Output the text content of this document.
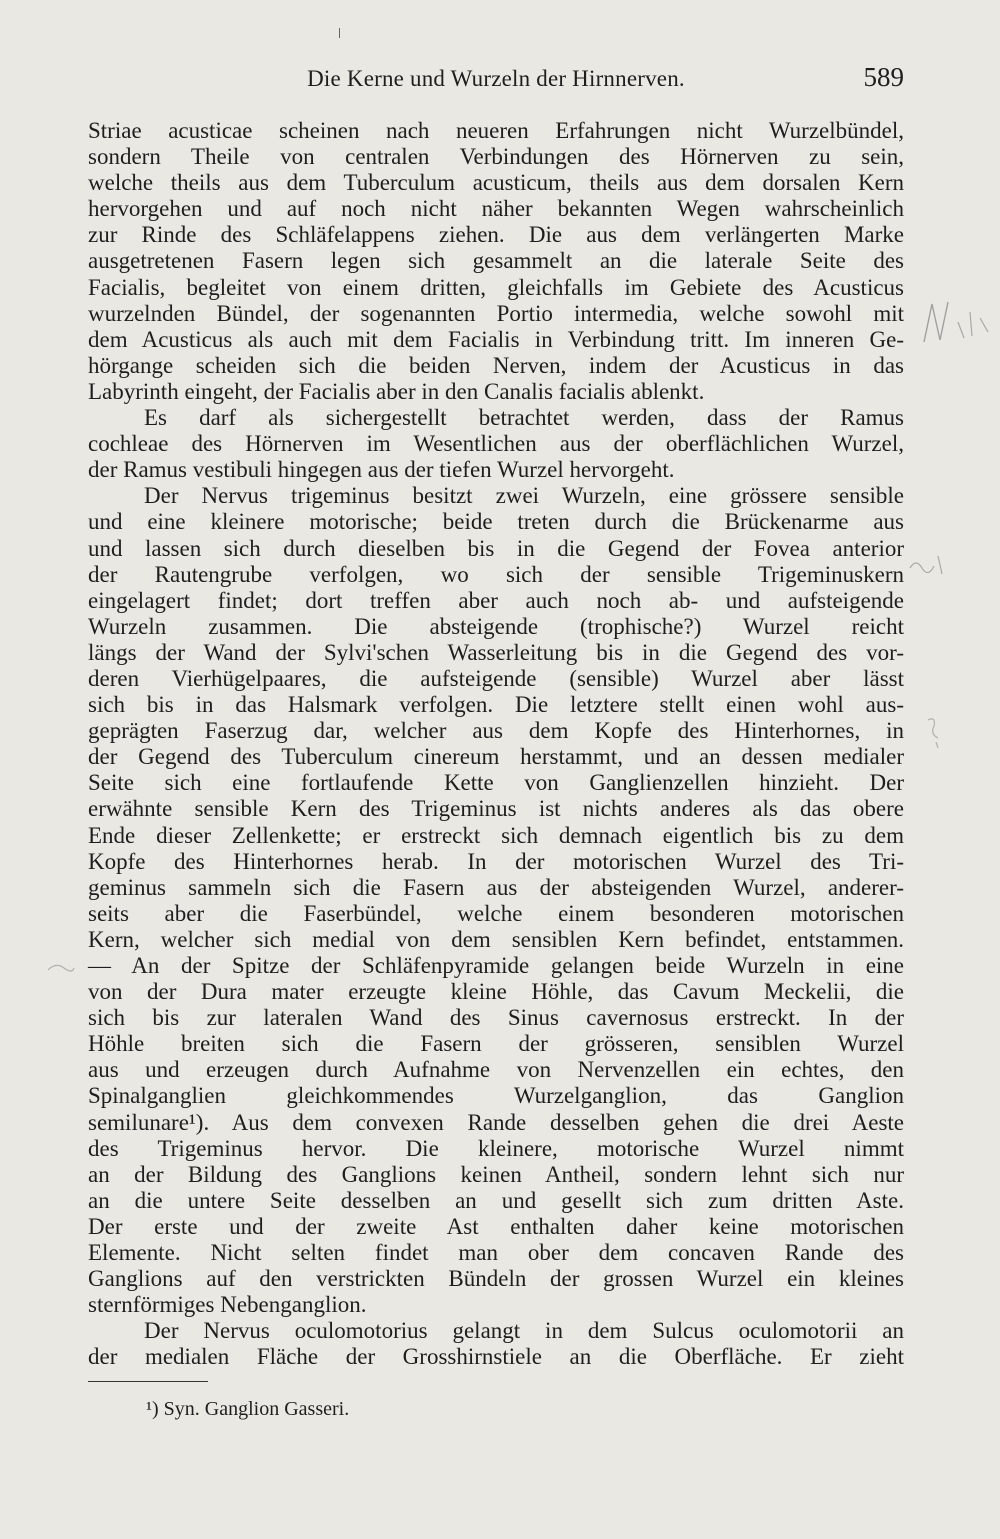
Die Kerne und Wurzeln der Hirnnerven.	589
Striae acusticae scheinen nach neueren Erfahrungen nicht Wurzelbündel,
sondern Theile von centralen Verbindungen des Hörnerven zu sein,
welche theils aus dem Tuberculum acusticum, theils aus dem dorsalen Kern
hervorgehen und auf noch nicht näher bekannten Wegen wahrscheinlich
zur Rinde des Schläfelappens ziehen. Die aus dem verlängerten Marke
ausgetretenen Fasern legen sich gesammelt an die laterale Seite des
Facialis, begleitet von einem dritten, gleichfalls im Gebiete des Acusticus
wurzelnden Bündel, der sogenannten Portio intermedia, welche sowohl mit
dem Acusticus als auch mit dem Facialis in Verbindung tritt. Im inneren Ge-
hörgange scheiden sich die beiden Nerven, indem der Acusticus in das
Labyrinth eingeht, der Facialis aber in den Canalis facialis ablenkt.
Es darf als sichergestellt betrachtet werden, dass der Ramus
cochleae des Hörnerven im Wesentlichen aus der oberflächlichen Wurzel,
der Ramus vestibuli hingegen aus der tiefen Wurzel hervorgeht.
Der Nervus trigeminus besitzt zwei Wurzeln, eine grössere sensible
und eine kleinere motorische; beide treten durch die Brückenarme aus
und lassen sich durch dieselben bis in die Gegend der Fovea anterior
der Rautengrube verfolgen, wo sich der sensible Trigeminuskern
eingelagert findet; dort treffen aber auch noch ab- und aufsteigende
Wurzeln zusammen. Die absteigende (trophische?) Wurzel reicht
längs der Wand der Sylvi'schen Wasserleitung bis in die Gegend des vor-
deren Vierhügelpaares, die aufsteigende (sensible) Wurzel aber lässt
sich bis in das Halsmark verfolgen. Die letztere stellt einen wohl aus-
geprägten Faserzug dar, welcher aus dem Kopfe des Hinterhornes, in
der Gegend des Tuberculum cinereum herstammt, und an dessen medialer
Seite sich eine fortlaufende Kette von Ganglienzellen hinzieht. Der
erwähnte sensible Kern des Trigeminus ist nichts anderes als das obere
Ende dieser Zellenkette; er erstreckt sich demnach eigentlich bis zu dem
Kopfe des Hinterhornes herab. In der motorischen Wurzel des Tri-
geminus sammeln sich die Fasern aus der absteigenden Wurzel, anderer-
seits aber die Faserbündel, welche einem besonderen motorischen
Kern, welcher sich medial von dem sensiblen Kern befindet, entstammen.
— An der Spitze der Schläfenpyramide gelangen beide Wurzeln in eine
von der Dura mater erzeugte kleine Höhle, das Cavum Meckelii, die
sich bis zur lateralen Wand des Sinus cavernosus erstreckt. In der
Höhle breiten sich die Fasern der grösseren, sensiblen Wurzel
aus und erzeugen durch Aufnahme von Nervenzellen ein echtes, den
Spinalganglien gleichkommendes Wurzelganglion, das Ganglion
semilunare¹). Aus dem convexen Rande desselben gehen die drei Aeste
des Trigeminus hervor. Die kleinere, motorische Wurzel nimmt
an der Bildung des Ganglions keinen Antheil, sondern lehnt sich nur
an die untere Seite desselben an und gesellt sich zum dritten Aste.
Der erste und der zweite Ast enthalten daher keine motorischen
Elemente. Nicht selten findet man ober dem concaven Rande des
Ganglions auf den verstrickten Bündeln der grossen Wurzel ein kleines
sternförmiges Nebenganglion.
Der Nervus oculomotorius gelangt in dem Sulcus oculomotorii an
der medialen Fläche der Grosshirnstiele an die Oberfläche. Er zieht
¹) Syn. Ganglion Gasseri.
